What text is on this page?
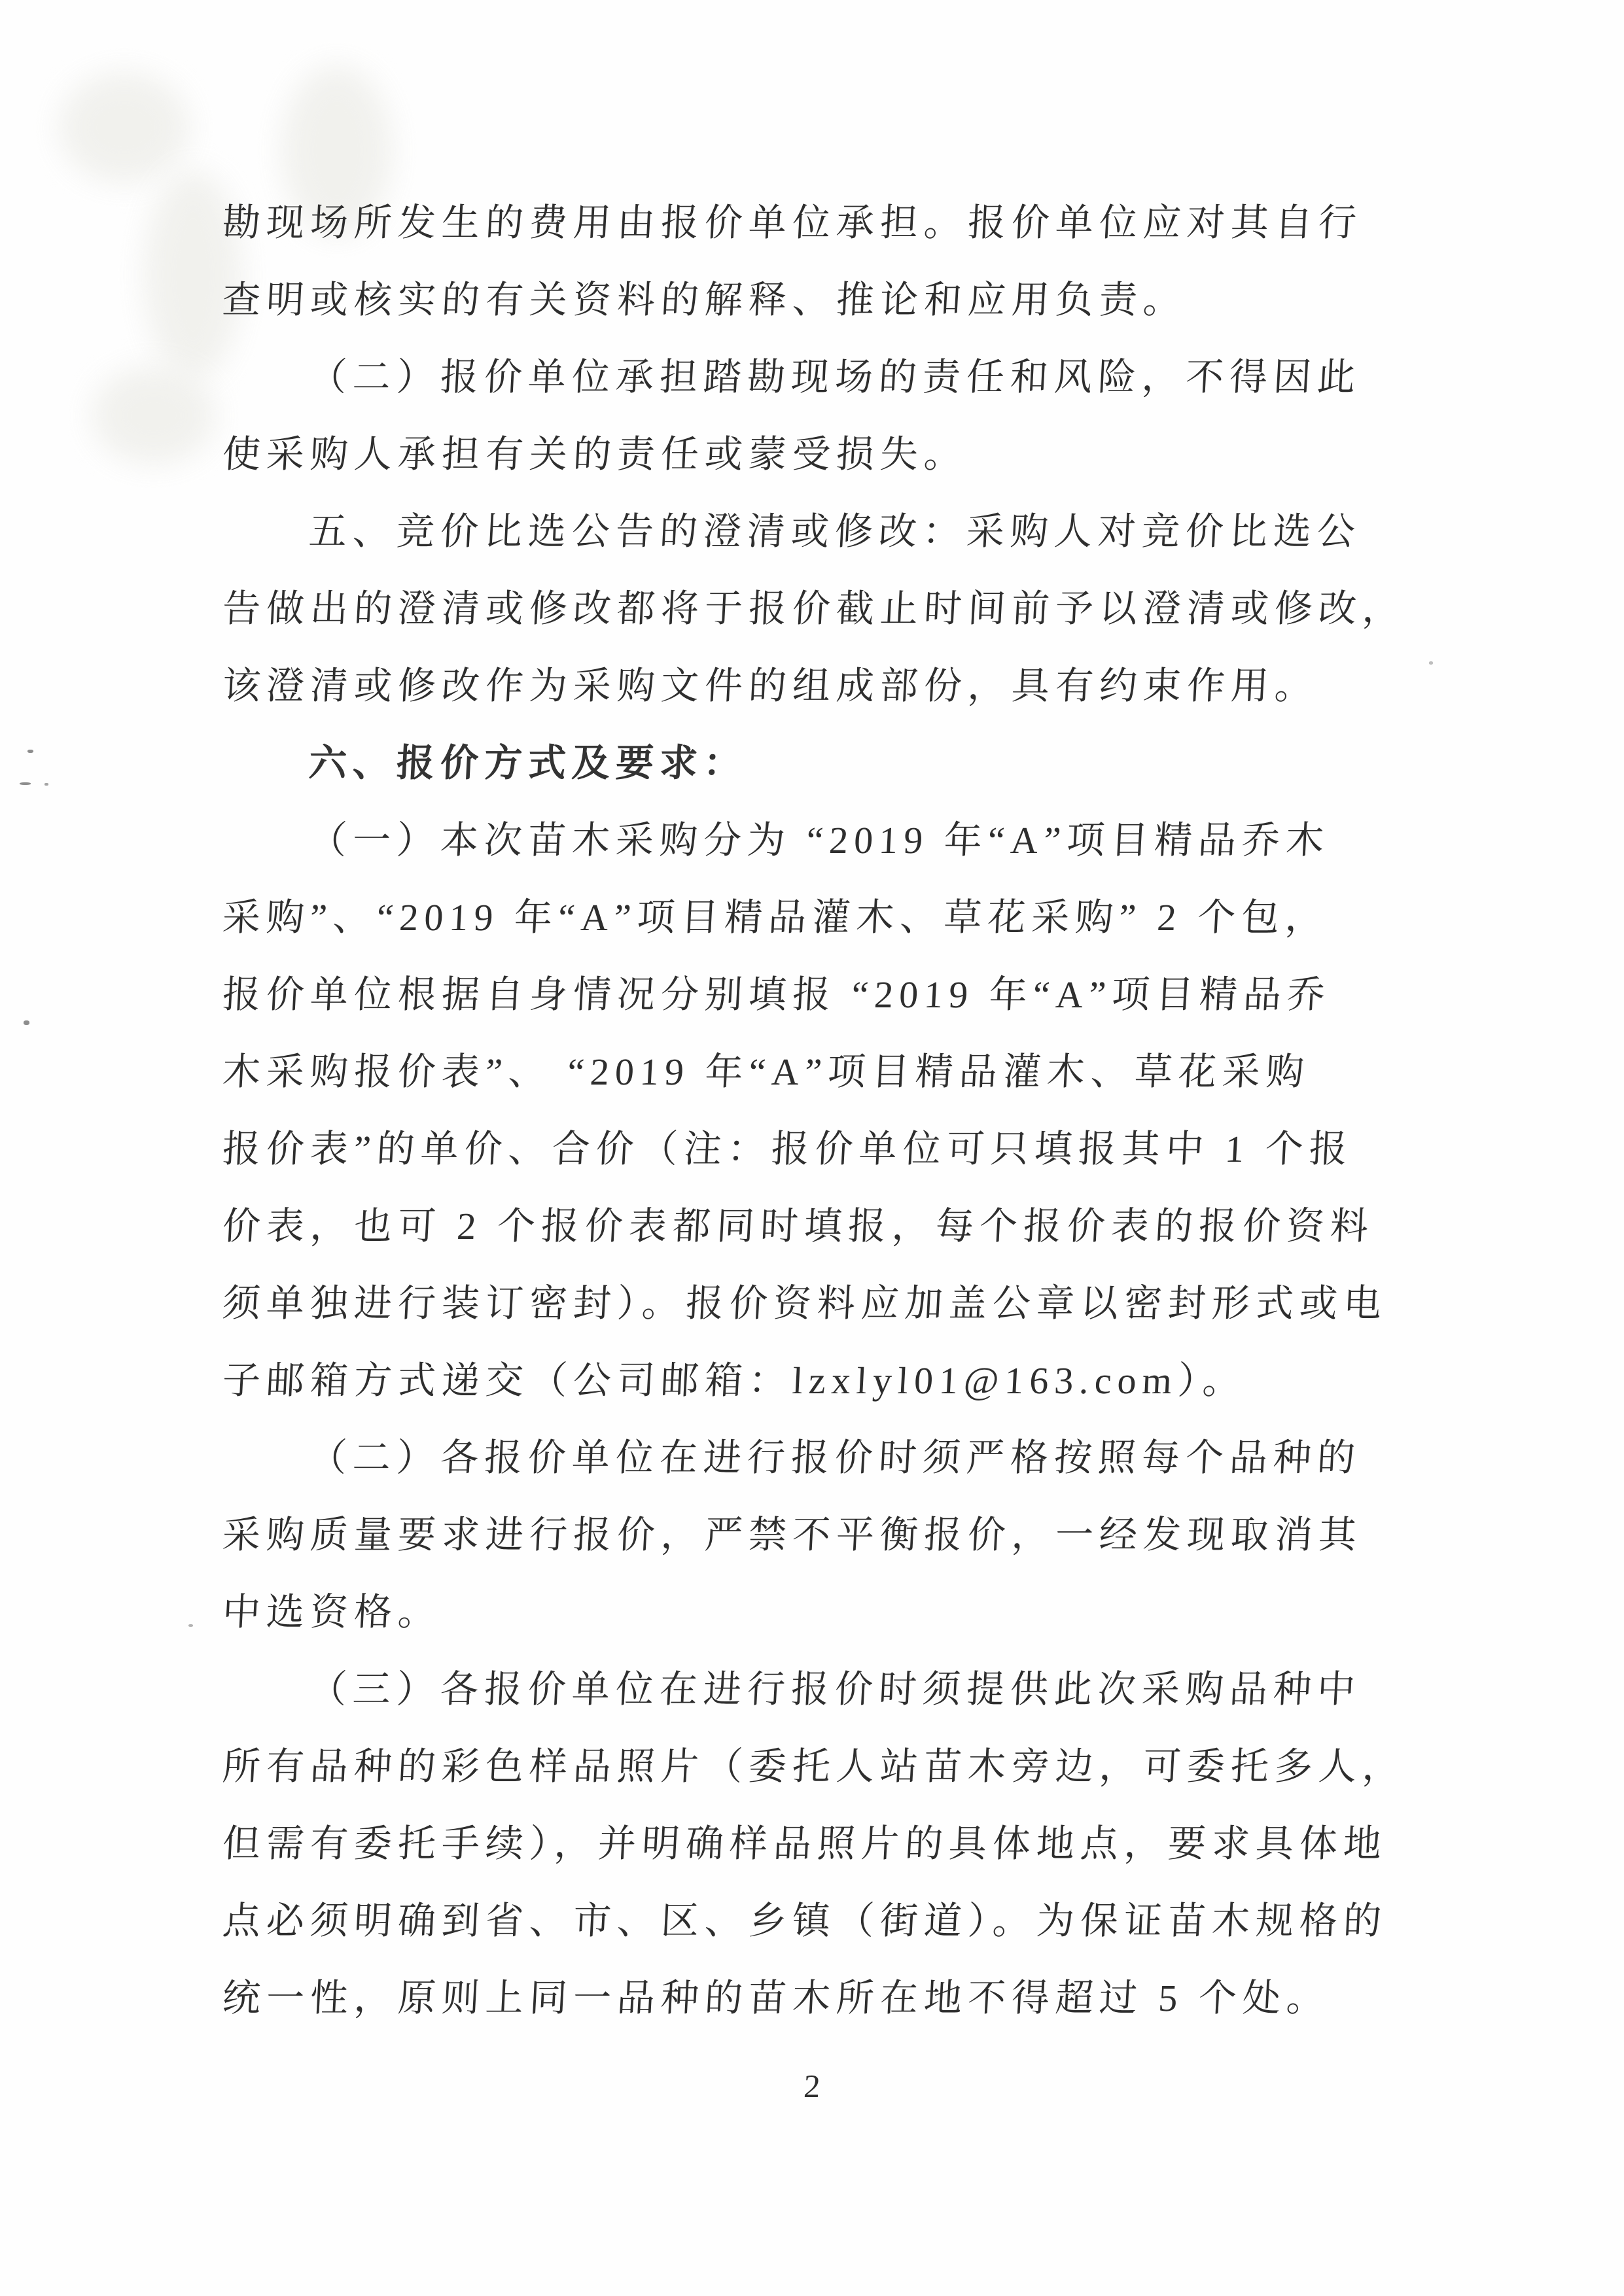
勘现场所发生的费用由报价单位承担。报价单位应对其自行
查明或核实的有关资料的解释、推论和应用负责。
（二）报价单位承担踏勘现场的责任和风险，不得因此
使采购人承担有关的责任或蒙受损失。
五、竞价比选公告的澄清或修改：采购人对竞价比选公
告做出的澄清或修改都将于报价截止时间前予以澄清或修改，
该澄清或修改作为采购文件的组成部份，具有约束作用。
六、报价方式及要求：
（一）本次苗木采购分为 “2019 年“A”项目精品乔木
采购”、“2019 年“A”项目精品灌木、草花采购” 2 个包，
报价单位根据自身情况分别填报 “2019 年“A”项目精品乔
木采购报价表”、 “2019 年“A”项目精品灌木、草花采购
报价表”的单价、合价（注：报价单位可只填报其中 1 个报
价表，也可 2 个报价表都同时填报，每个报价表的报价资料
须单独进行装订密封）。报价资料应加盖公章以密封形式或电
子邮箱方式递交（公司邮箱：lzxlyl01@163.com）。
（二）各报价单位在进行报价时须严格按照每个品种的
采购质量要求进行报价，严禁不平衡报价，一经发现取消其
中选资格。
（三）各报价单位在进行报价时须提供此次采购品种中
所有品种的彩色样品照片（委托人站苗木旁边，可委托多人，
但需有委托手续），并明确样品照片的具体地点，要求具体地
点必须明确到省、市、区、乡镇（街道）。为保证苗木规格的
统一性，原则上同一品种的苗木所在地不得超过 5 个处。
2
